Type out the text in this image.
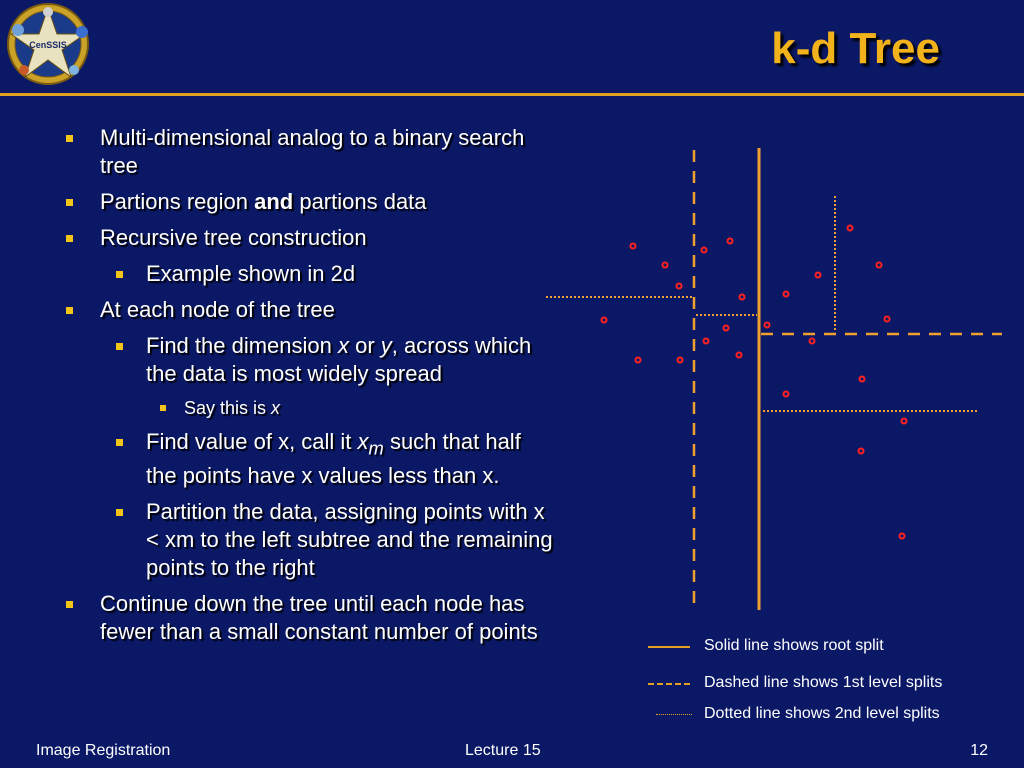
CenSSIS	k-d Tree
Multi-dimensional analog to a binary search tree
Partions region and partions data
Recursive tree construction
Example shown in 2d
At each node of the tree
Find the dimension x or y, across which the data is most widely spread
Say this is x
Find value of x, call it $x_m$ such that half the points have x values less than x.
Partition the data, assigning points with x < xm to the left subtree and the remaining points to the right
Continue down the tree until each node has fewer than a small constant number of points
Solid line shows root split
Dashed line shows 1st level splits
Dotted line shows 2nd level splits
Image Registration	Lecture 15	12
